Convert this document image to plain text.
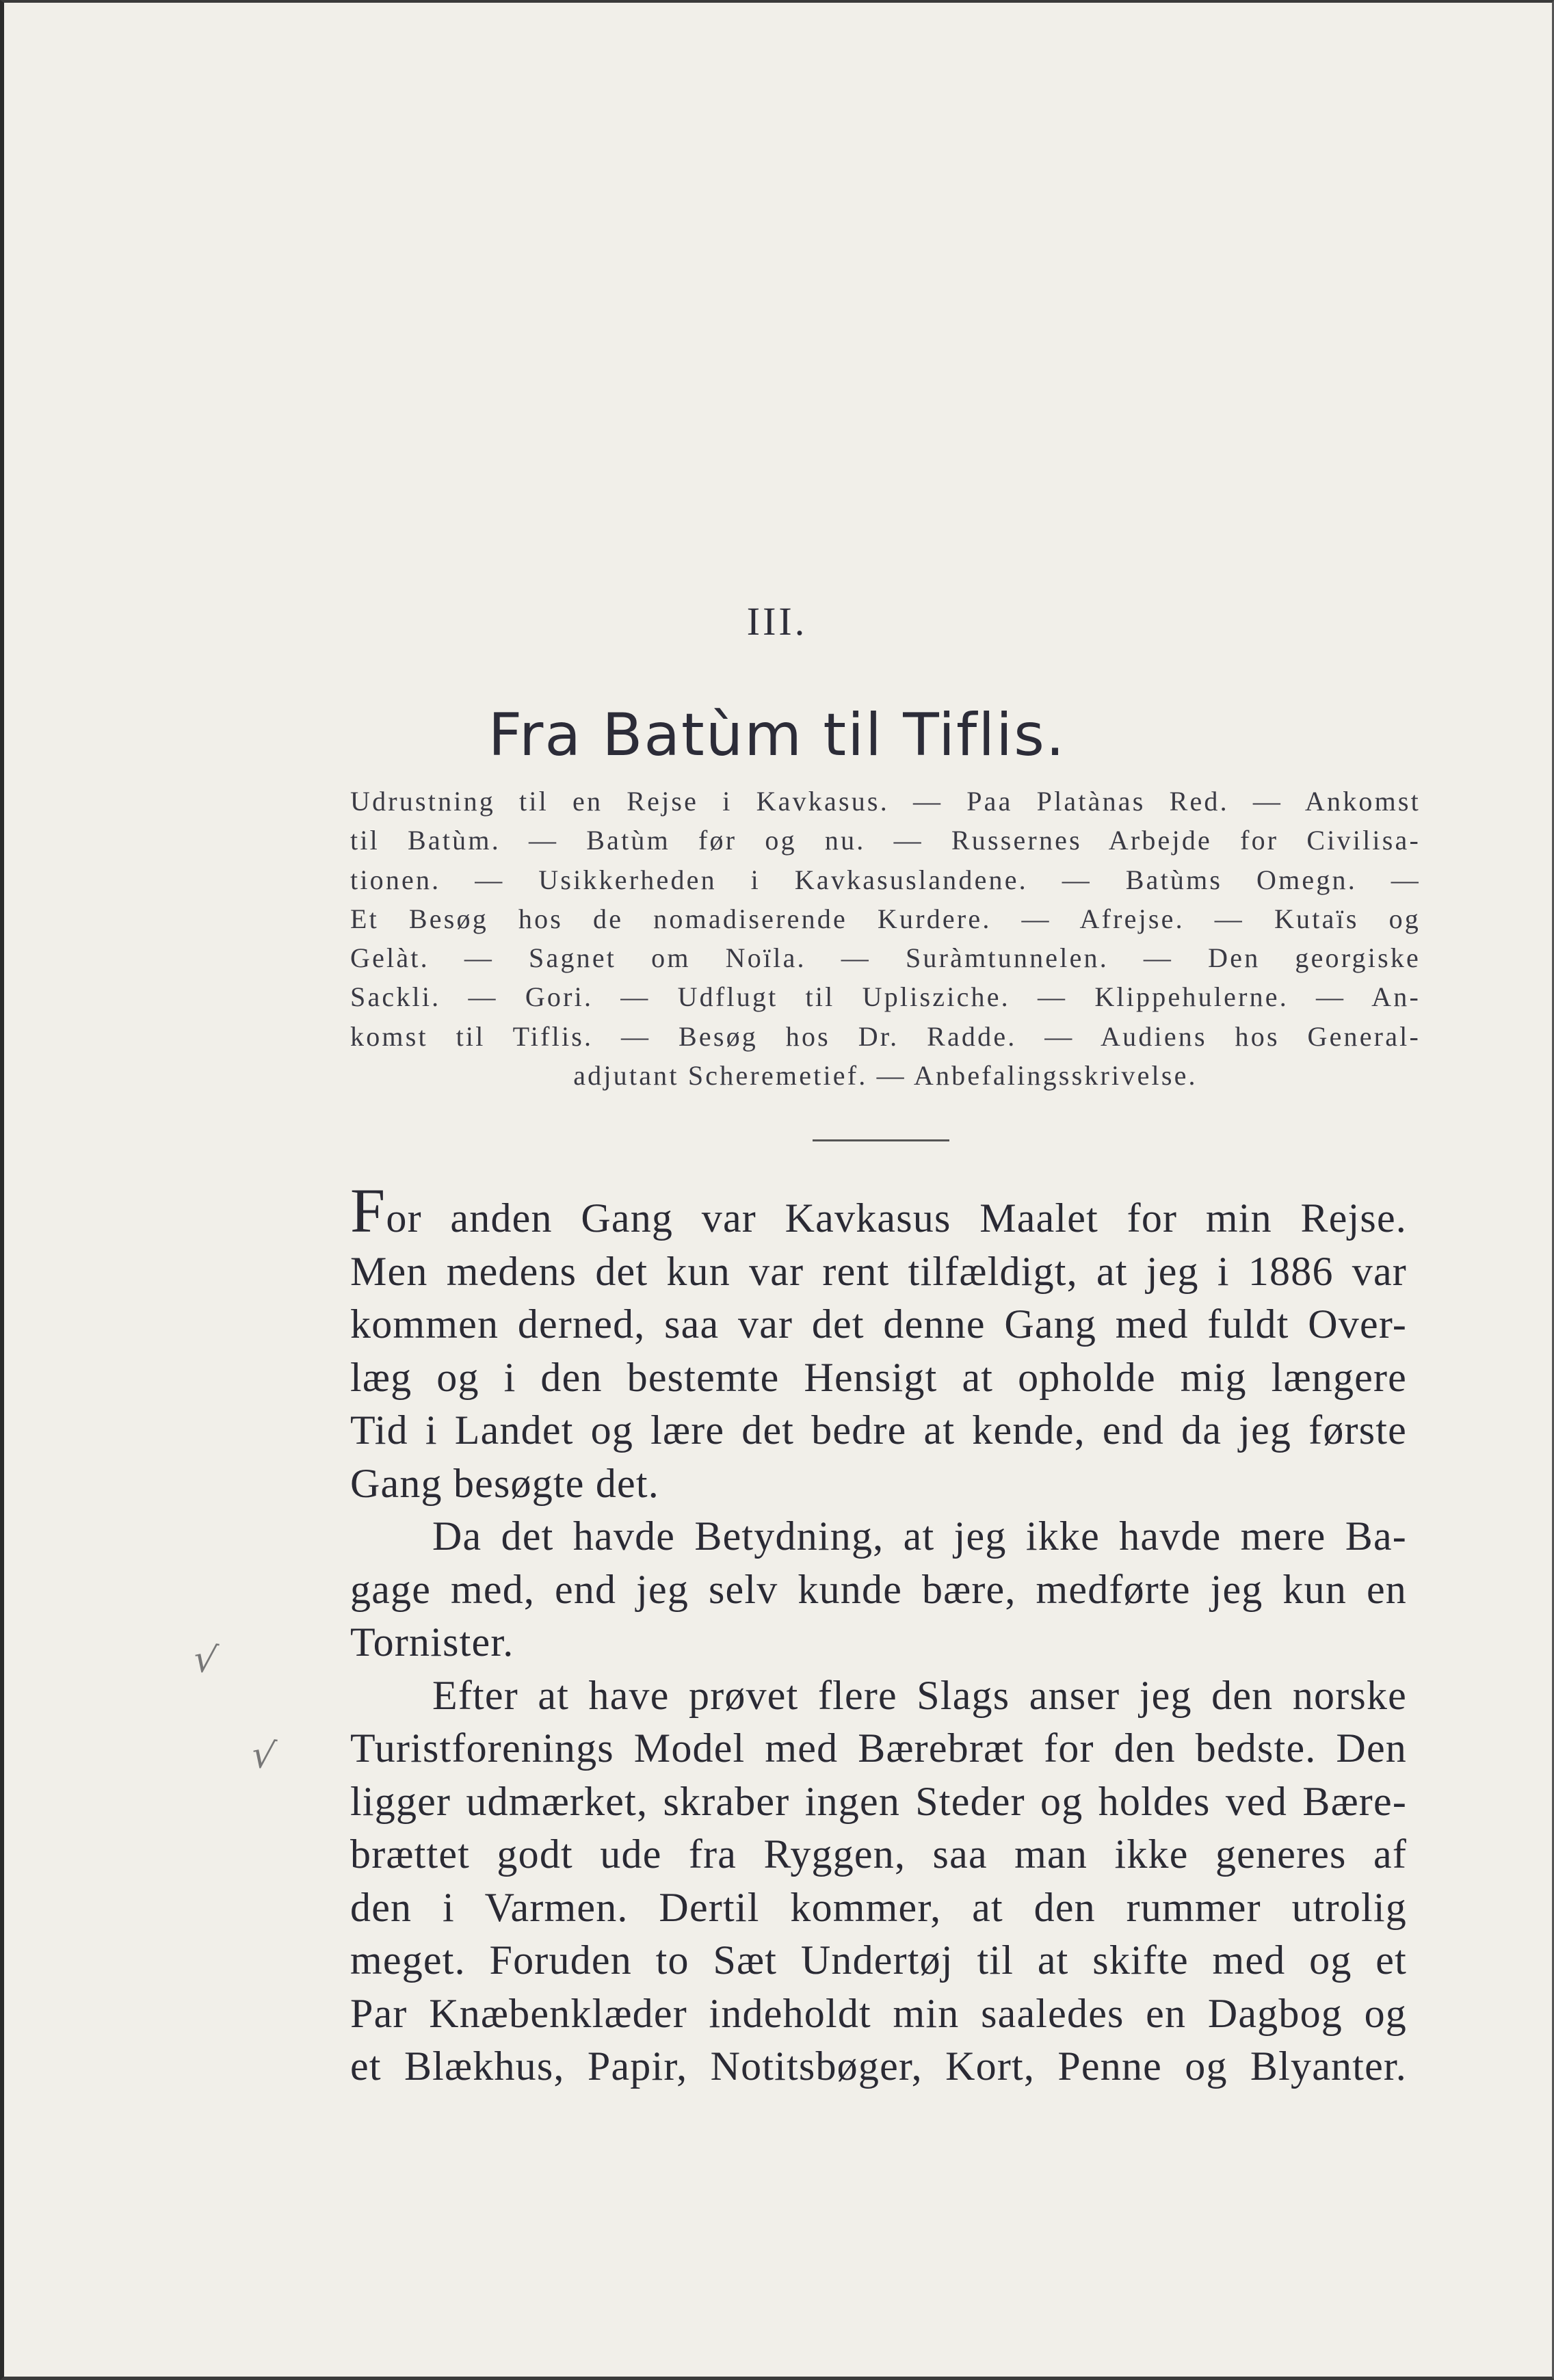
III.
Fra Batùm til Tiflis.
Udrustning til en Rejse i Kavkasus. — Paa Platànas Red. — Ankomst
til Batùm. — Batùm før og nu. — Russernes Arbejde for Civilisa-
tionen. — Usikkerheden i Kavkasuslandene. — Batùms Omegn. —
Et Besøg hos de nomadiserende Kurdere. — Afrejse. — Kutaïs og
Gelàt. — Sagnet om Noïla. — Suràmtunnelen. — Den georgiske
Sackli. — Gori. — Udflugt til Uplisziche. — Klippehulerne. — An-
komst til Tiflis. — Besøg hos Dr. Radde. — Audiens hos General-
adjutant Scheremetief. — Anbefalingsskrivelse.
For anden Gang var Kavkasus Maalet for min Rejse.
Men medens det kun var rent tilfældigt, at jeg i 1886 var
kommen derned, saa var det denne Gang med fuldt Over-
læg og i den bestemte Hensigt at opholde mig længere
Tid i Landet og lære det bedre at kende, end da jeg første
Gang besøgte det.
Da det havde Betydning, at jeg ikke havde mere Ba-
gage med, end jeg selv kunde bære, medførte jeg kun en
Tornister.
Efter at have prøvet flere Slags anser jeg den norske
Turistforenings Model med Bærebræt for den bedste. Den
ligger udmærket, skraber ingen Steder og holdes ved Bære-
brættet godt ude fra Ryggen, saa man ikke generes af
den i Varmen. Dertil kommer, at den rummer utrolig
meget. Foruden to Sæt Undertøj til at skifte med og et
Par Knæbenklæder indeholdt min saaledes en Dagbog og
et Blækhus, Papir, Notitsbøger, Kort, Penne og Blyanter.
√
√
